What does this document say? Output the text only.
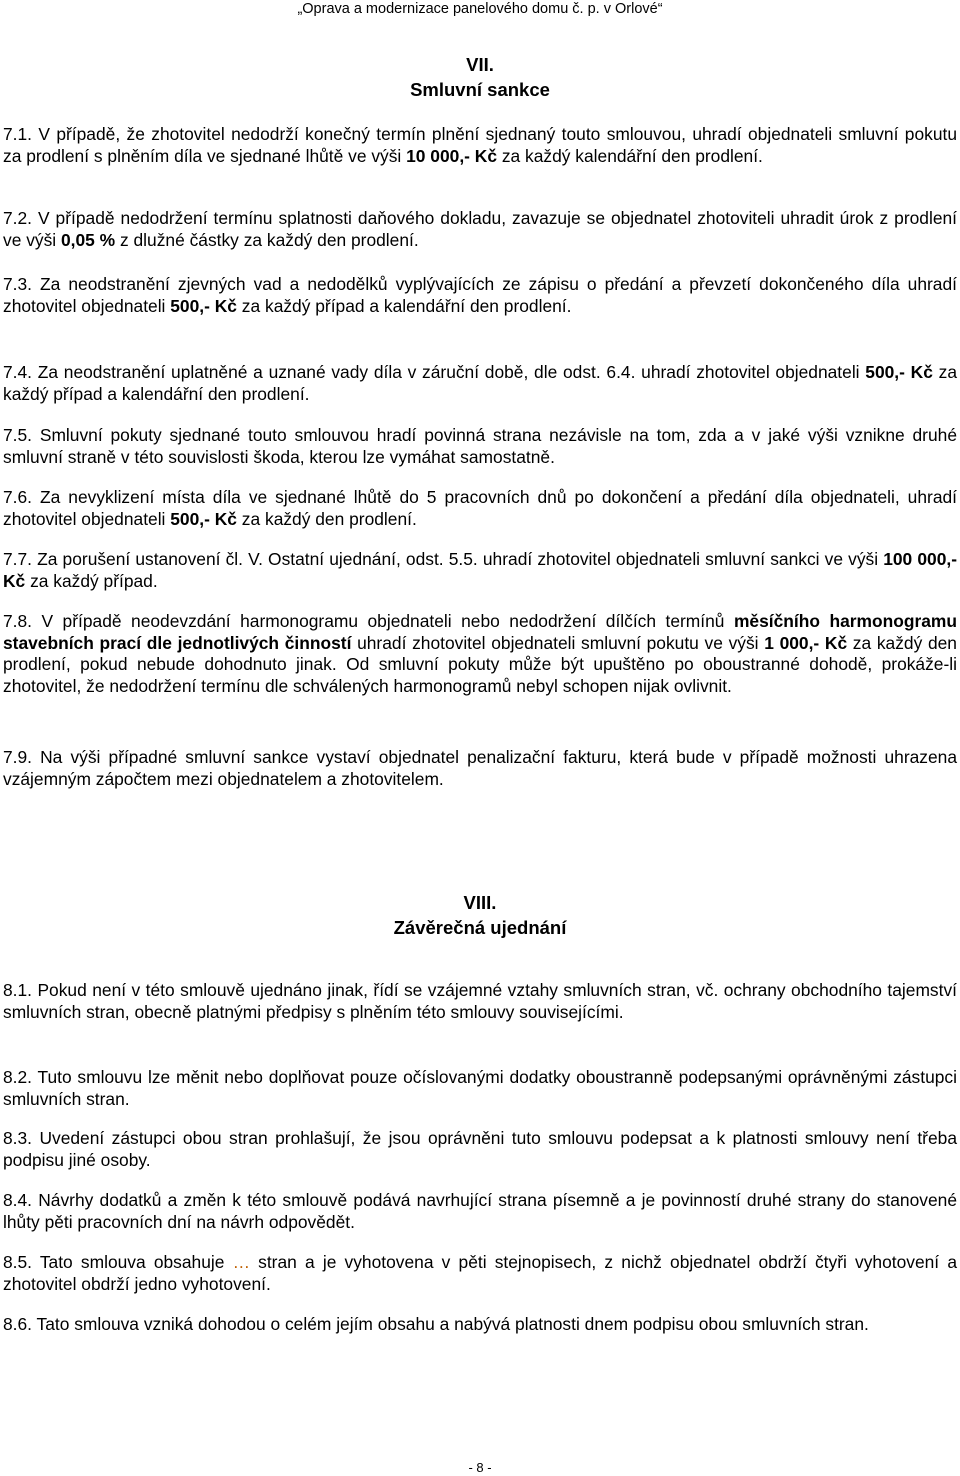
„Oprava a modernizace panelového domu č. p. v Orlové“
VII.
Smluvní sankce
7.1. V případě, že zhotovitel nedodrží konečný termín plnění sjednaný touto smlouvou, uhradí objednateli smluvní pokutu za prodlení s plněním díla ve sjednané lhůtě ve výši 10 000,- Kč za každý kalendářní den prodlení.
7.2. V případě nedodržení termínu splatnosti daňového dokladu, zavazuje se objednatel zhotoviteli uhradit úrok z prodlení ve výši 0,05 % z dlužné částky za každý den prodlení.
7.3. Za neodstranění zjevných vad a nedodělků vyplývajících ze zápisu o předání a převzetí dokončeného díla uhradí zhotovitel objednateli 500,- Kč za každý případ a kalendářní den prodlení.
7.4. Za neodstranění uplatněné a uznané vady díla v záruční době, dle odst. 6.4. uhradí zhotovitel objednateli 500,- Kč za každý případ a kalendářní den prodlení.
7.5. Smluvní pokuty sjednané touto smlouvou hradí povinná strana nezávisle na tom, zda a v jaké výši vznikne druhé smluvní straně v této souvislosti škoda, kterou lze vymáhat samostatně.
7.6. Za nevyklizení místa díla ve sjednané lhůtě do 5 pracovních dnů po dokončení a předání díla objednateli, uhradí zhotovitel objednateli 500,- Kč za každý den prodlení.
7.7. Za porušení ustanovení čl. V. Ostatní ujednání, odst. 5.5. uhradí zhotovitel objednateli smluvní sankci ve výši 100 000,- Kč za každý případ.
7.8. V případě neodevzdání harmonogramu objednateli nebo nedodržení dílčích termínů měsíčního harmonogramu stavebních prací dle jednotlivých činností uhradí zhotovitel objednateli smluvní pokutu ve výši 1 000,- Kč za každý den prodlení, pokud nebude dohodnuto jinak. Od smluvní pokuty může být upuštěno po oboustranné dohodě, prokáže-li zhotovitel, že nedodržení termínu dle schválených harmonogramů nebyl schopen nijak ovlivnit.
7.9. Na výši případné smluvní sankce vystaví objednatel penalizační fakturu, která bude v případě možnosti uhrazena vzájemným zápočtem mezi objednatelem a zhotovitelem.
VIII.
Závěrečná ujednání
8.1. Pokud není v této smlouvě ujednáno jinak, řídí se vzájemné vztahy smluvních stran, vč. ochrany obchodního tajemství smluvních stran, obecně platnými předpisy s plněním této smlouvy souvisejícími.
8.2. Tuto smlouvu lze měnit nebo doplňovat pouze očíslovanými dodatky oboustranně podepsanými oprávněnými zástupci smluvních stran.
8.3. Uvedení zástupci obou stran prohlašují, že jsou oprávněni tuto smlouvu podepsat a k platnosti smlouvy není třeba podpisu jiné osoby.
8.4. Návrhy dodatků a změn k této smlouvě podává navrhující strana písemně a je povinností druhé strany do stanovené lhůty pěti pracovních dní na návrh odpovědět.
8.5. Tato smlouva obsahuje … stran a je vyhotovena v pěti stejnopisech, z nichž objednatel obdrží čtyři vyhotovení a zhotovitel obdrží jedno vyhotovení.
8.6. Tato smlouva vzniká dohodou o celém jejím obsahu a nabývá platnosti dnem podpisu obou smluvních stran.
- 8 -
